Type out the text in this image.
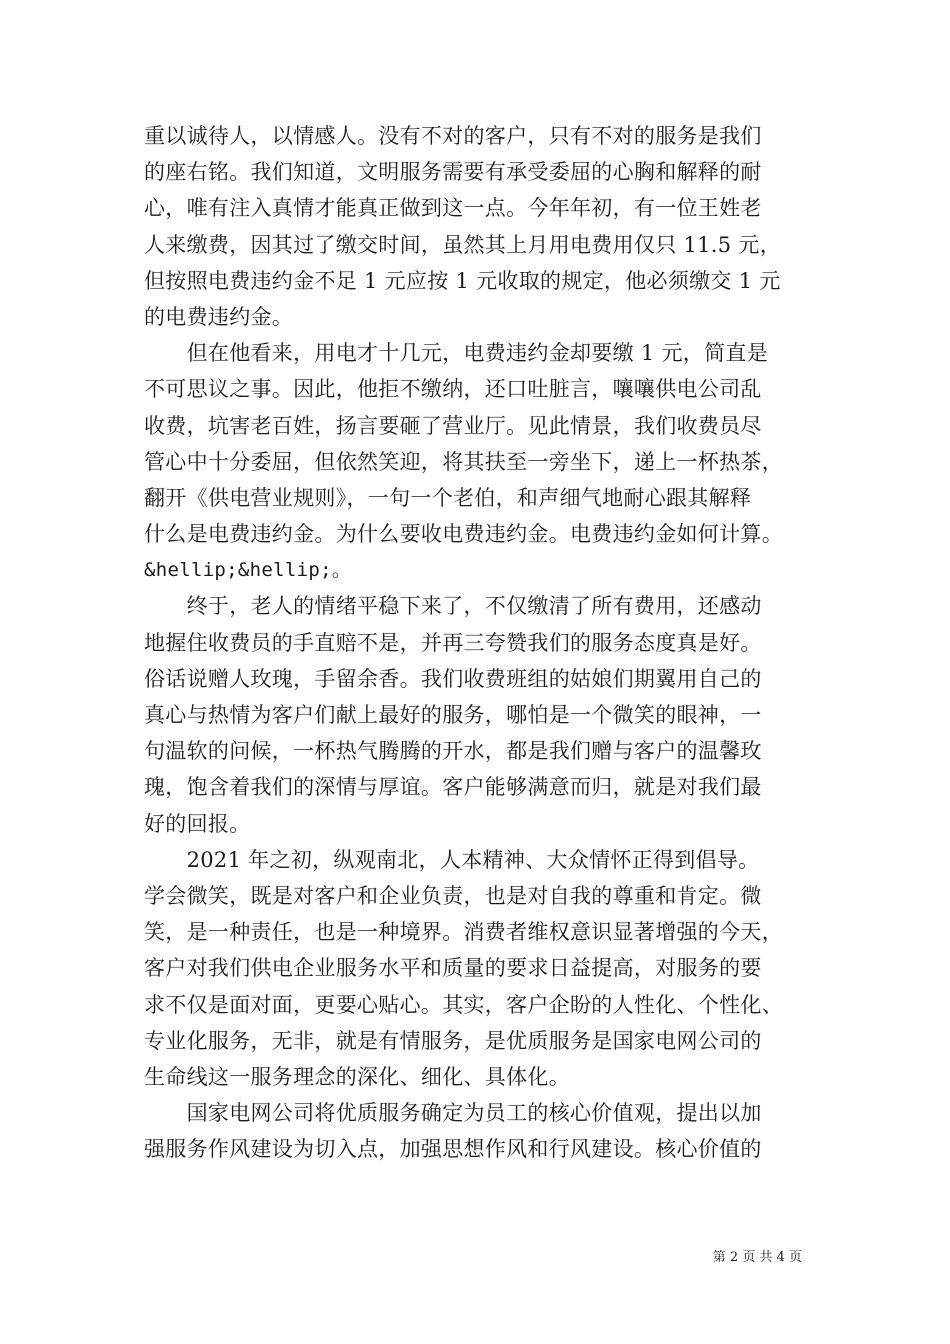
重以诚待人，以情感人。没有不对的客户，只有不对的服务是我们
的座右铭。我们知道，文明服务需要有承受委屈的心胸和解释的耐
心，唯有注入真情才能真正做到这一点。今年年初，有一位王姓老
人来缴费，因其过了缴交时间，虽然其上月用电费用仅只 11.5 元，
但按照电费违约金不足 1 元应按 1 元收取的规定，他必须缴交 1 元
的电费违约金。
　　但在他看来，用电才十几元，电费违约金却要缴 1 元，简直是
不可思议之事。因此，他拒不缴纳，还口吐脏言，嚷嚷供电公司乱
收费，坑害老百姓，扬言要砸了营业厅。见此情景，我们收费员尽
管心中十分委屈，但依然笑迎，将其扶至一旁坐下，递上一杯热茶，
翻开《供电营业规则》，一句一个老伯，和声细气地耐心跟其解释
什么是电费违约金。为什么要收电费违约金。电费违约金如何计算。
&hellip;&hellip;。
　　终于，老人的情绪平稳下来了，不仅缴清了所有费用，还感动
地握住收费员的手直赔不是，并再三夸赞我们的服务态度真是好。
俗话说赠人玫瑰，手留余香。我们收费班组的姑娘们期翼用自己的
真心与热情为客户们献上最好的服务，哪怕是一个微笑的眼神，一
句温软的问候，一杯热气腾腾的开水，都是我们赠与客户的温馨玫
瑰，饱含着我们的深情与厚谊。客户能够满意而归，就是对我们最
好的回报。
　　2021 年之初，纵观南北，人本精神、大众情怀正得到倡导。
学会微笑，既是对客户和企业负责，也是对自我的尊重和肯定。微
笑，是一种责任，也是一种境界。消费者维权意识显著增强的今天，
客户对我们供电企业服务水平和质量的要求日益提高，对服务的要
求不仅是面对面，更要心贴心。其实，客户企盼的人性化、个性化、
专业化服务，无非，就是有情服务，是优质服务是国家电网公司的
生命线这一服务理念的深化、细化、具体化。
　　国家电网公司将优质服务确定为员工的核心价值观，提出以加
强服务作风建设为切入点，加强思想作风和行风建设。核心价值的
第 2 页 共 4 页
